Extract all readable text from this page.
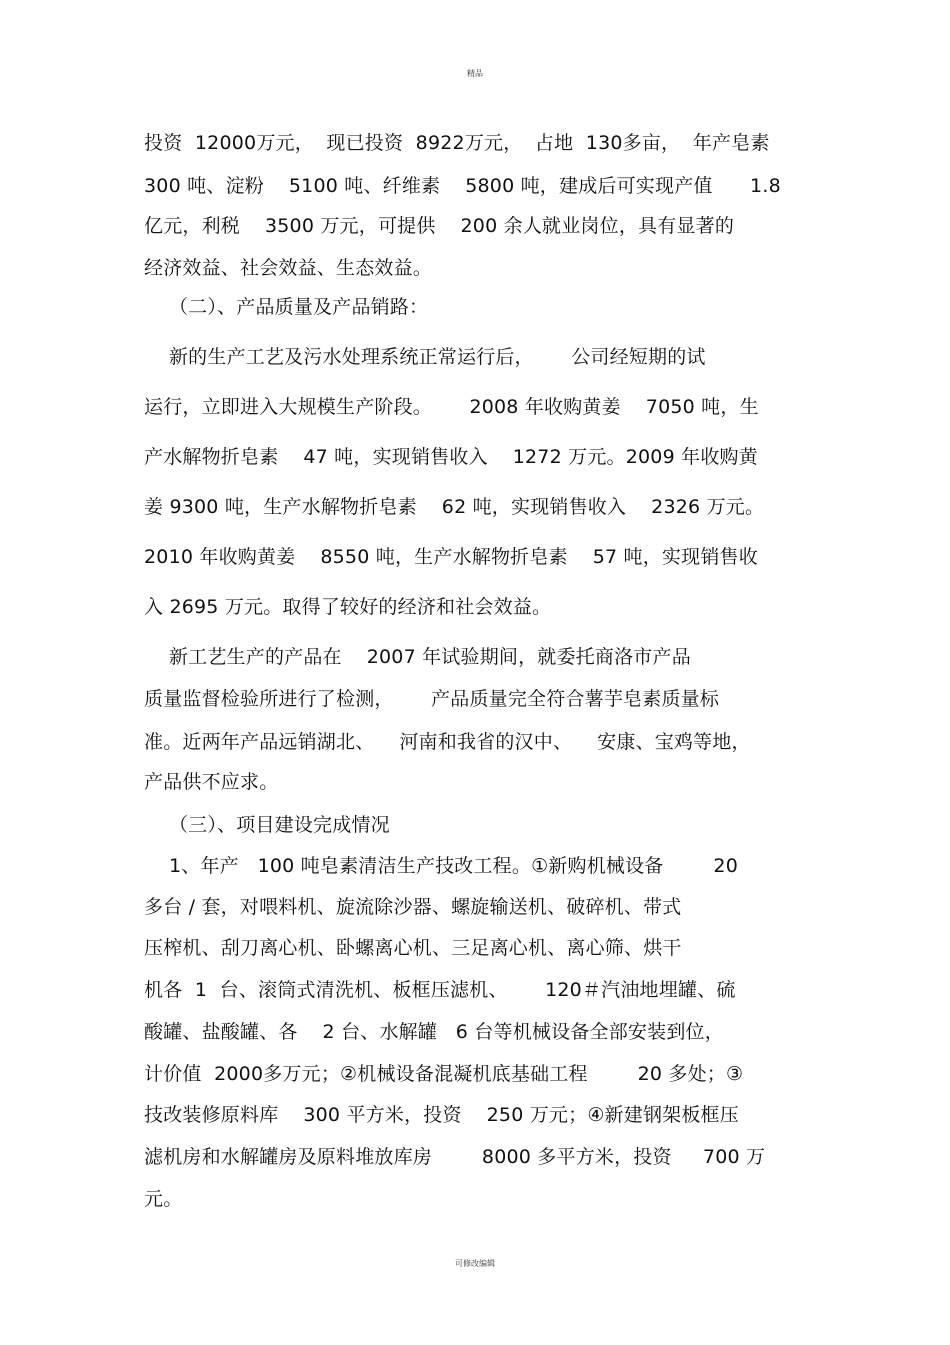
精品
投资  12000万元，  现已投资  8922万元，  占地  130多亩，  年产皂素
300 吨、淀粉    5100 吨、纤维素    5800 吨，建成后可实现产值      1.8
亿元，利税    3500 万元，可提供    200 余人就业岗位，具有显著的
经济效益、社会效益、生态效益。
（二）、产品质量及产品销路：
新的生产工艺及污水处理系统正常运行后，      公司经短期的试
运行，立即进入大规模生产阶段。      2008 年收购黄姜    7050 吨，生
产水解物折皂素    47 吨，实现销售收入    1272 万元。2009 年收购黄
姜 9300 吨，生产水解物折皂素    62 吨，实现销售收入    2326 万元。
2010 年收购黄姜    8550 吨，生产水解物折皂素    57 吨，实现销售收
入 2695 万元。取得了较好的经济和社会效益。
新工艺生产的产品在    2007 年试验期间，就委托商洛市产品
质量监督检验所进行了检测，      产品质量完全符合薯芋皂素质量标
准。近两年产品远销湖北、    河南和我省的汉中、    安康、宝鸡等地，
产品供不应求。
（三）、项目建设完成情况
1、年产   100 吨皂素清洁生产技改工程。①新购机械设备        20
多台 / 套，对喂料机、旋流除沙器、螺旋输送机、破碎机、带式
压榨机、刮刀离心机、卧螺离心机、三足离心机、离心筛、烘干
机各  1  台、滚筒式清洗机、板框压滤机、      120＃汽油地埋罐、硫
酸罐、盐酸罐、各    2 台、水解罐   6 台等机械设备全部安装到位，
计价值  2000多万元；②机械设备混凝机底基础工程        20 多处；③
技改装修原料库    300 平方米，投资    250 万元；④新建钢架板框压
滤机房和水解罐房及原料堆放库房        8000 多平方米，投资     700 万
元。
可修改编辑
